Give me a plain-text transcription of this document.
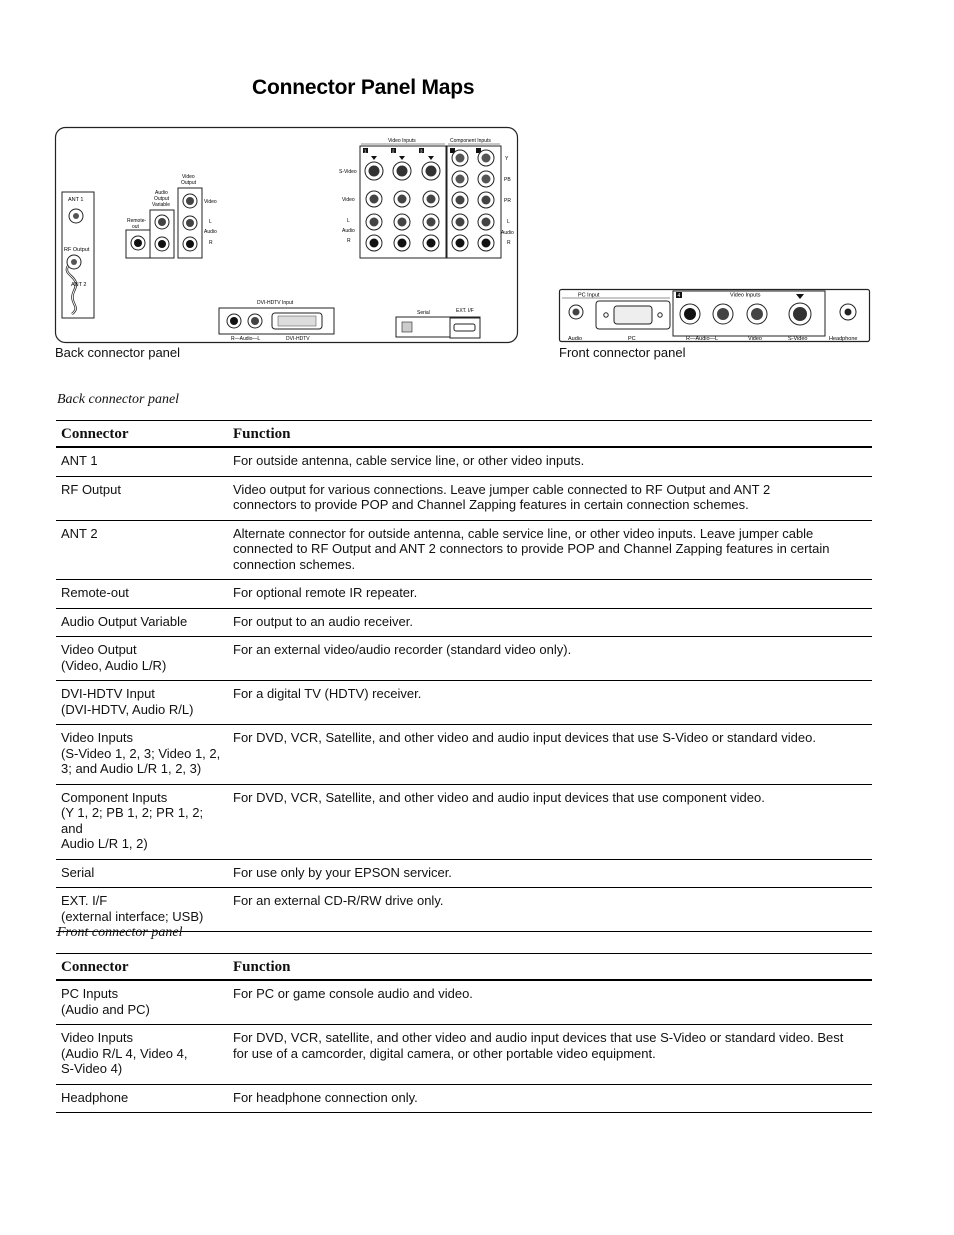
Connector Panel Maps
ANT 1
RF Output
ANT 2
Remote-
out
Audio
Output
Variable
Video
Output
Video
L
Audio
R
Video Inputs
S-Video
Video
L
Audio
R
1	2	3
Component Inputs
Y
PB
PR
L
Audio
R
DVI-HDTV Input
R—Audio—L	DVI-HDTV
Serial	EXT. I/F
Back connector panel
PC Input
Audio	PC
4	Video Inputs
R—Audio—L	Video	S-Video	Headphone
Front connector panel
Back connector panel
Connector	Function
ANT 1	For outside antenna, cable service line, or other video inputs.
RF Output	Video output for various connections. Leave jumper cable connected to RF Output and ANT 2
connectors to provide POP and Channel Zapping features in certain connection schemes.
ANT 2	Alternate connector for outside antenna, cable service line, or other video inputs. Leave jumper cable
connected to RF Output and ANT 2 connectors to provide POP and Channel Zapping features in certain
connection schemes.
Remote-out	For optional remote IR repeater.
Audio Output Variable	For output to an audio receiver.
Video Output
(Video, Audio L/R)	For an external video/audio recorder (standard video only).
DVI-HDTV Input
(DVI-HDTV, Audio R/L)	For a digital TV (HDTV) receiver.
Video Inputs
(S-Video 1, 2, 3; Video 1, 2,
3; and Audio L/R 1, 2, 3)	For DVD, VCR, Satellite, and other video and audio input devices that use S-Video or standard video.
Component Inputs
(Y 1, 2; PB 1, 2; PR 1, 2; and
Audio L/R 1, 2)	For DVD, VCR, Satellite, and other video and audio input devices that use component video.
Serial	For use only by your EPSON servicer.
EXT. I/F
(external interface; USB)	For an external CD-R/RW drive only.
Front connector panel
Connector	Function
PC Inputs
(Audio and PC)	For PC or game console audio and video.
Video Inputs
(Audio R/L 4, Video 4,
S-Video 4)	For DVD, VCR, satellite, and other video and audio input devices that use S-Video or standard video. Best
for use of a camcorder, digital camera, or other portable video equipment.
Headphone	For headphone connection only.
